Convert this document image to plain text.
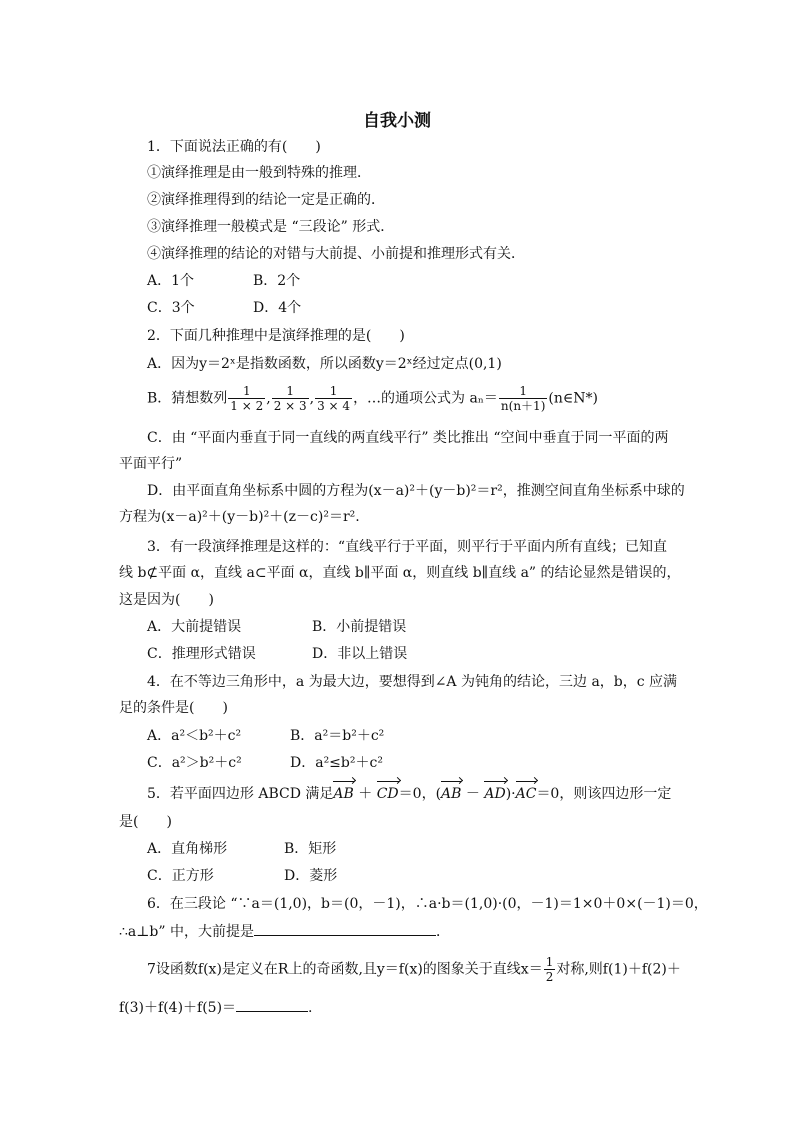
自我小测
1．下面说法正确的有(　　)
①演绎推理是由一般到特殊的推理．
②演绎推理得到的结论一定是正确的．
③演绎推理一般模式是 “三段论” 形式．
④演绎推理的结论的对错与大前提、小前提和推理形式有关．
A．1个	B．2个
C．3个	D．4个
2．下面几种推理中是演绎推理的是(　　)
A．因为y＝2ˣ是指数函数，所以函数y＝2ˣ经过定点(0,1)
B．猜想数列 $\frac{1}{1 \times 2}$ , $\frac{1}{2 \times 3}$ , $\frac{1}{3 \times 4}$ ，…的通项公式为 $a_n= \frac{1}{n(n+1)}$ (n∈N*)
C．由 “平面内垂直于同一直线的两直线平行” 类比推出 “空间中垂直于同一平面的两
平面平行”
D．由平面直角坐标系中圆的方程为(x－a)²＋(y－b)²＝r²，推测空间直角坐标系中球的
方程为(x－a)²＋(y－b)²＋(z－c)²＝r².
3．有一段演绎推理是这样的：“直线平行于平面，则平行于平面内所有直线；已知直
线 b⊄平面 α，直线 a⊂平面 α，直线 b∥平面 α，则直线 b∥直线 a” 的结论显然是错误的，
这是因为(　　)
A．大前提错误	B．小前提错误
C．推理形式错误	D．非以上错误
4．在不等边三角形中，a 为最大边，要想得到∠A 为钝角的结论，三边 a，b，c 应满
足的条件是(　　)
A．a²＜b²＋c²	B．a²＝b²＋c²
C．a²＞b²＋c²	D．a²≤b²＋c²
5．若平面四边形 ABCD 满足AB ＋ CD＝0，(AB － AD)·AC＝0，则该四边形一定
是(　　)
A．直角梯形	B．矩形
C．正方形	D．菱形
6．在三段论 “∵a＝(1,0)，b＝(0，－1)，∴a·b＝(1,0)·(0，－1)＝1×0＋0×(－1)＝0，
∴a⊥b” 中，大前提是	．
7设函数f(x)是定义在R上的奇函数,且y＝f(x)的图象关于直线$x= \frac{1}{2}$ 对称,则f(1)＋f(2)＋
f(3)＋f(4)＋f(5)＝	.
